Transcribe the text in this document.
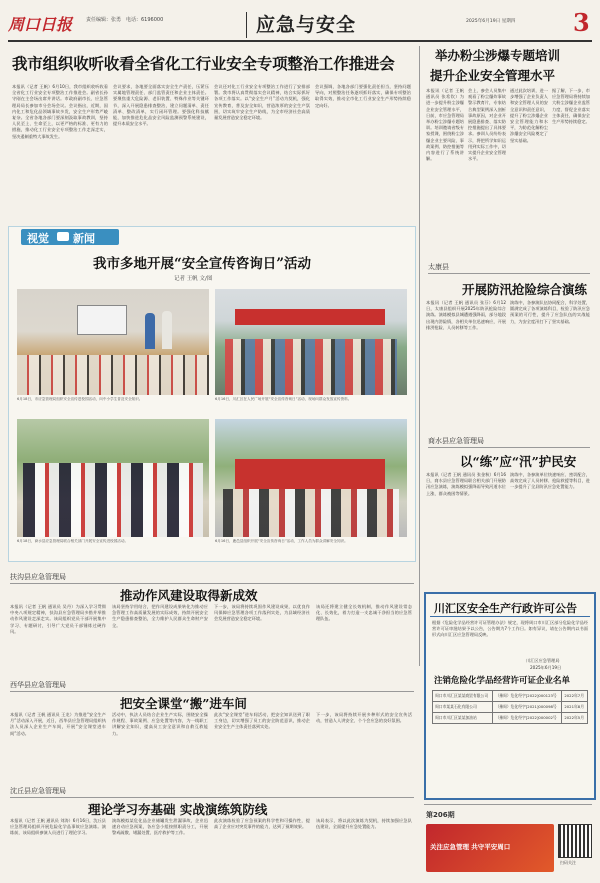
周口日报	责任编辑：张勇 电话：6196000	应急与安全	3
2025年6月19日 星期四
我市组织收听收看全省化工行业安全专项整治工作推进会
本报讯（记者 王帆）6月10日，我市组织收听收看全省化工行业安全专项整治工作推进会。副省长孙守刚在主会场出席并讲话。市政府副市长、应急管理局局长参加市分会场会议。会议指出，近期，国内化工和危化品领域事故多发，安全生产形势严峻复杂。全省各地各部门要深刻汲取事故教训，坚持人民至上、生命至上，以更严格的标准、更有力的措施，推动化工行业安全专项整治工作走深走实，坚决遏制重特大事故发生。
会议要求，各地要全面落实安全生产责任，压紧压实属地管理责任、部门监管责任和企业主体责任。要聚焦重大危险源、老旧装置、特殊作业等关键环节，深入开展隐患排查整治，建立问题清单、责任清单、整改清单，实行闭环管理。要强化科技赋能，加快推进危化品安全风险监测预警系统建设，提升本质安全水平。
会议还对化工行业安全专项整治工作进行了安排部署。我市将认真贯彻落实会议精神，结合实际抓好各项工作落实。以“安全生产月”活动为契机，强化宣传教育，普及安全知识，营造浓厚的安全生产氛围，切实筑牢安全生产防线，为全市经济社会高质量发展营造安全稳定环境。
会议强调，各地各部门要强化责任担当，坚持问题导向，对照整治任务逐项抓好落实，确保专项整治取得实效，推动全市化工行业安全生产形势持续稳定向好。
举办粉尘涉爆专题培训
提升企业安全管理水平
本报讯（记者 王帆 通讯员 张希钦）为进一步提升粉尘涉爆企业安全管理水平，日前，市应急管理局举办粉尘涉爆专题培训。培训邀请省级专家授课，围绕粉尘涉爆企业主要风险、事故案例、防控措施等内容进行了系统讲解。
会上，参会人员集中观看了粉尘爆炸事故警示教育片，专家结合典型案例深入剖析事故原因，对企业开展隐患排查、落实防控措施提出了具体要求。参训人员纷纷表示，将把所学知识运用到实际工作中，切实提升企业安全管理水平。
通过此次培训，进一步增强了企业负责人和安全管理人员的安全意识和责任意识，提升了粉尘涉爆企业安全管理能力和水平，为防范化解粉尘涉爆安全风险奠定了坚实基础。
据了解，下一步，市应急管理局将持续加大粉尘涉爆企业监管力度，督促企业落实主体责任，确保安全生产形势持续稳定。
视觉 新闻
我市多地开展“安全宣传咨询日”活动
记者 王帆 文/图
6月18日，市应急管理局组织安全宣传进校园活动，向中小学生普及安全知识。	6月16日，川汇区在人民广场开展“安全宣传咨询日”活动，现场向群众发放宣传资料。
6月18日，商水县应急管理局联合相关部门开展安全宣传进校园活动。	6月16日，鹿邑县组织开展“安全宣传咨询日”活动，工作人员为群众讲解安全知识。
太康县
开展防汛抢险综合演练
本报讯（记者 王帆 通讯员 张芬）6月12日，太康县组织开展2025年防汛抢险综合演练。演练模拟县城遭遇强降雨，部分地段出现内涝险情，各相关单位迅速响应，开展排涝抢险、人员转移等工作。
演练中，各参演队伍协同配合，科学处置，圆满完成了各项演练科目，检验了防汛应急预案的可行性，提升了应急队伍的实战能力，为安全度汛打下了坚实基础。
商水县应急管理局
以“练”应“汛”护民安
本报讯（记者 王帆 通讯员 张金秋）6月16日，商水县应急管理局联合相关部门开展防汛应急演练，演练模拟强降雨导致河道水位上涨、群众被困等情景。
演练中，各参演单位快速响应、密切配合，高效完成了人员转移、抢险救援等科目，进一步提升了全县防汛应急处置能力。
扶沟县应急管理局
推动作风建设取得新成效
本报讯（记者 王帆 通讯员 吴丹）为深入学习贯彻中央八项规定精神，扶沟县应急管理局多措并举推动作风建设走深走实。该局组织党员干部开展集中学习、专题研讨，引导广大党员干部锤炼过硬作风。
该局坚持学用结合，把作风建设成果转化为推动应急管理工作高质量发展的实际成效，持续开展安全生产隐患排查整治，全力维护人民群众生命财产安全。
下一步，该局将持续巩固作风建设成果，以优良作风保障应急管理各项工作落到实处，为县域经济社会发展营造安全稳定环境。
该局还将建立健全长效机制，推动作风建设常态化、长效化，着力打造一支忠诚干净担当的应急管理队伍。
西华县应急管理局
把安全课堂“搬”进车间
本报讯（记者 王帆 通讯员 王龙）为推进“安全生产月”活动深入开展，近日，西华县应急管理局组织执法人员深入企业生产车间，开展“安全课堂进车间”活动。
活动中，执法人员结合企业生产实际，围绕安全操作规程、事故案例、应急处置等内容，为一线职工讲解安全知识，提高员工安全意识和自救互救能力。
此次“安全课堂”进车间活动，把安全知识送到了职工身边，切实增强了员工的安全防范意识，推动企业安全生产主体责任落到实处。
下一步，该局将持续开展多种形式的安全宣传活动，营造人人讲安全、个个会应急的良好氛围。
沈丘县应急管理局
理论学习夯基础 实战演练筑防线
本报讯（记者 王帆 通讯员 刘涛）6月16日，沈丘县应急管理局组织开展危险化学品事故应急演练。演练前，该局组织参演人员进行了理论学习。
演练模拟某危化品企业储罐发生泄漏事故，企业迅速启动应急预案，各应急小组按照职责分工，开展警戒疏散、堵漏处置、医疗救护等工作。
此次演练检验了应急预案的科学性和可操作性，提高了企业应对突发事件的能力，达到了预期效果。
该局表示，将以此次演练为契机，持续加强应急队伍建设，全面提升应急处置能力。
川汇区安全生产行政许可公告
根据《危险化学品经营许可证管理办法》规定，现将周口市川汇区部分危险化学品经营许可证审批结果予以公告，公告期为7个工作日。如有异议，请在公告期内以书面形式向川汇区应急管理局反映。
川汇区应急管理局
2025年6月19日
注销危险化学品经营许可证企业名单
周口市川汇区某某商贸有限公司	（豫周）危化经字[2022]000123号	2022年7月
周口市某某石化有限公司	（豫周）危化经字[2021]000098号	2021年8月
周口市川汇区某某加油站	（豫周）危化经字[2022]000002号	2022年5月
第206期
关注应急管理 共守平安周口
扫码关注
